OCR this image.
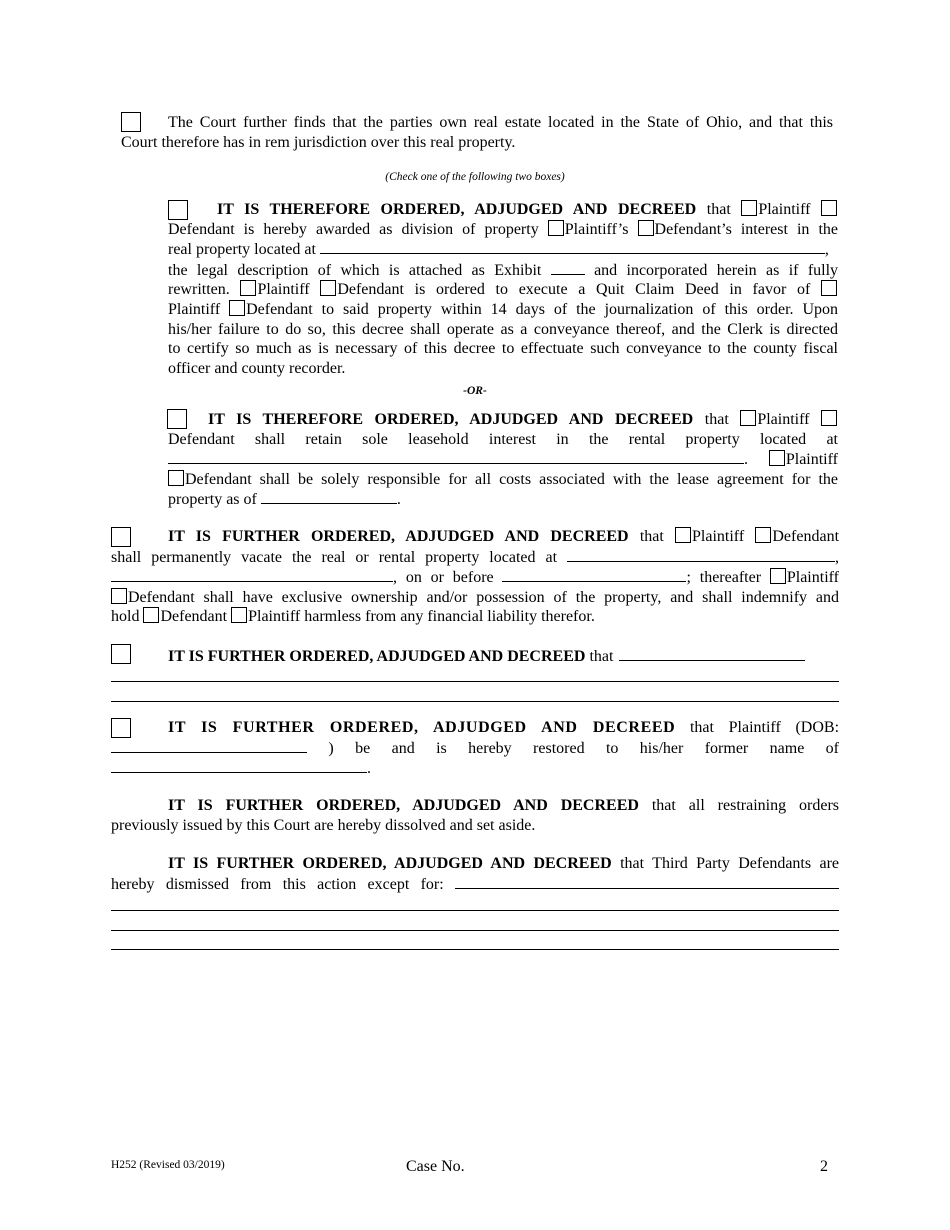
The Court further finds that the parties own real estate located in the State of Ohio, and that this
Court therefore has in rem jurisdiction over this real property.
(Check one of the following two boxes)
IT IS THEREFORE ORDERED, ADJUDGED AND DECREED that Plaintiff
Defendant is hereby awarded as division of property Plaintiff’s Defendant’s interest in the
real property located at	,
the legal description of which is attached as Exhibit	and incorporated herein as if fully
rewritten. Plaintiff Defendant is ordered to execute a Quit Claim Deed in favor of
Plaintiff Defendant to said property within 14 days of the journalization of this order. Upon
his/her failure to do so, this decree shall operate as a conveyance thereof, and the Clerk is directed
to certify so much as is necessary of this decree to effectuate such conveyance to the county fiscal
officer and county recorder.
-OR-
IT IS THEREFORE ORDERED, ADJUDGED AND DECREED that Plaintiff
Defendant shall retain sole leasehold interest in the rental property located at
. Plaintiff
Defendant shall be solely responsible for all costs associated with the lease agreement for the
property as of	.
IT IS FURTHER ORDERED, ADJUDGED AND DECREED that Plaintiff Defendant
shall permanently vacate the real or rental property located at	,
, on or before	; thereafter Plaintiff
Defendant shall have exclusive ownership and/or possession of the property, and shall indemnify and
hold Defendant Plaintiff harmless from any financial liability therefor.
IT IS FURTHER ORDERED, ADJUDGED AND DECREED that
IT IS FURTHER ORDERED, ADJUDGED AND DECREED that Plaintiff (DOB:
) be and is hereby restored to his/her former name of
.
IT IS FURTHER ORDERED, ADJUDGED AND DECREED that all restraining orders
previously issued by this Court are hereby dissolved and set aside.
IT IS FURTHER ORDERED, ADJUDGED AND DECREED that Third Party Defendants are
hereby dismissed from this action except for:
H252 (Revised 03/2019)	Case No.	2
